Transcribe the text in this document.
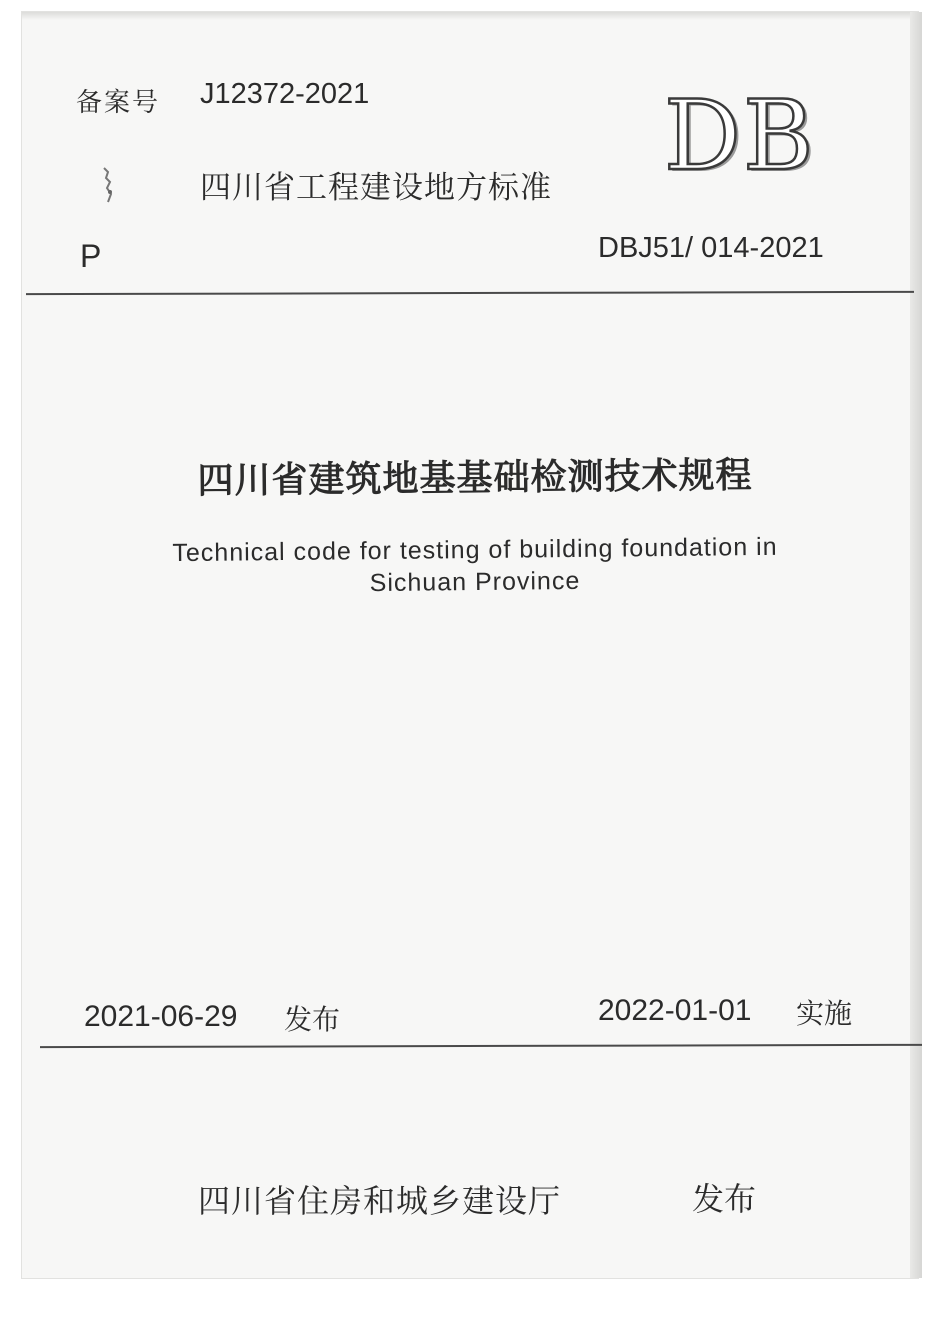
备案号 J12372-2021
四川省工程建设地方标准 DB
P	DBJ51/ 014-2021
四川省建筑地基基础检测技术规程
Technical code for testing of building foundation in
Sichuan Province
2021-06-29 发布	2022-01-01 实施
四川省住房和城乡建设厅	发布
